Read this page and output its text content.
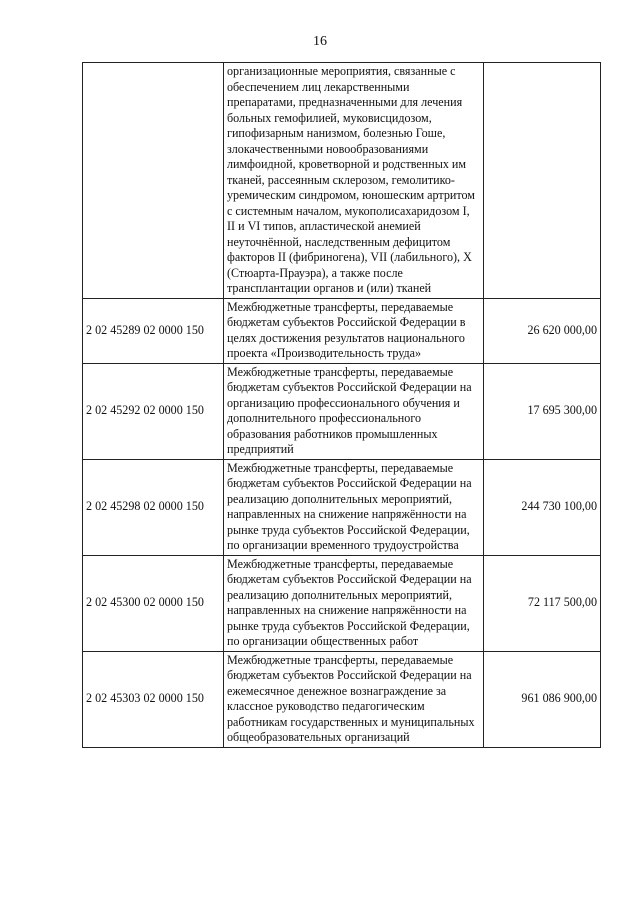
16
	организационные мероприятия, связанные с обеспечением лиц лекарственными препаратами, предназначенными для лечения больных гемофилией, муковисцидозом, гипофизарным нанизмом, болезнью Гоше, злокачественными новообразованиями лимфоидной, кроветворной и родственных им тканей, рассеянным склерозом, гемолитико-уремическим синдромом, юношеским артритом с системным началом, мукополисахаридозом I, II и VI типов, апластической анемией неуточнённой, наследственным дефицитом факторов II (фибриногена), VII (лабильного), X (Стюарта-Прауэра), а также после трансплантации органов и (или) тканей	
2 02 45289 02 0000 150	Межбюджетные трансферты, передаваемые бюджетам субъектов Российской Федерации в целях достижения результатов национального проекта «Производительность труда»	26 620 000,00
2 02 45292 02 0000 150	Межбюджетные трансферты, передаваемые бюджетам субъектов Российской Федерации на организацию профессионального обучения и дополнительного профессионального образования работников промышленных предприятий	17 695 300,00
2 02 45298 02 0000 150	Межбюджетные трансферты, передаваемые бюджетам субъектов Российской Федерации на реализацию дополнительных мероприятий, направленных на снижение напряжённости на рынке труда субъектов Российской Федерации, по организации временного трудоустройства	244 730 100,00
2 02 45300 02 0000 150	Межбюджетные трансферты, передаваемые бюджетам субъектов Российской Федерации на реализацию дополнительных мероприятий, направленных на снижение напряжённости на рынке труда субъектов Российской Федерации, по организации общественных работ	72 117 500,00
2 02 45303 02 0000 150	Межбюджетные трансферты, передаваемые бюджетам субъектов Российской Федерации на ежемесячное денежное вознаграждение за классное руководство педагогическим работникам государственных и муниципальных общеобразовательных организаций	961 086 900,00
